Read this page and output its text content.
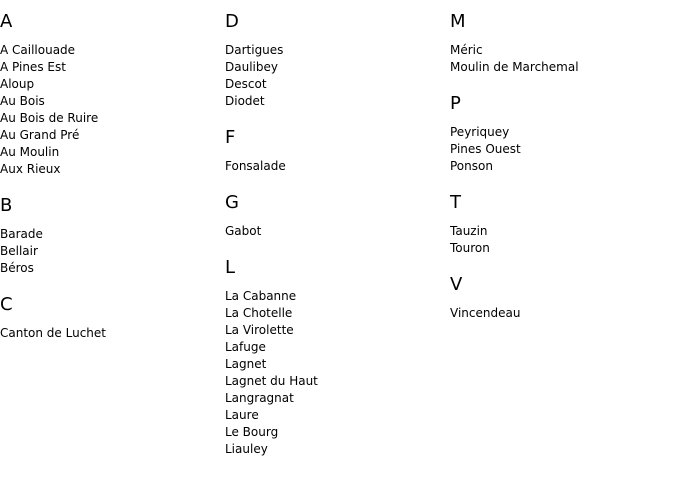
A
A Caillouade
A Pines Est
Aloup
Au Bois
Au Bois de Ruire
Au Grand Pré
Au Moulin
Aux Rieux
B
Barade
Bellair
Béros
C
Canton de Luchet
D
Dartigues
Daulibey
Descot
Diodet
F
Fonsalade
G
Gabot
L
La Cabanne
La Chotelle
La Virolette
Lafuge
Lagnet
Lagnet du Haut
Langragnat
Laure
Le Bourg
Liauley
M
Méric
Moulin de Marchemal
P
Peyriquey
Pines Ouest
Ponson
T
Tauzin
Touron
V
Vincendeau
